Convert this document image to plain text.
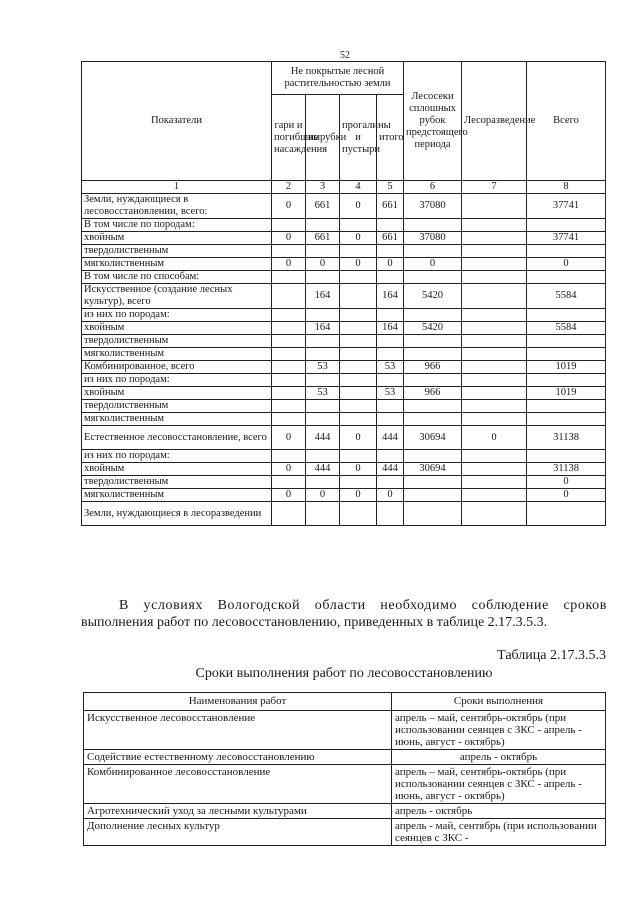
52
Показатели	Не покрытые лесной растительностью земли				Лесосеки сплошных рубок предстоящего периода	Лесоразведение	Всего
	гари и погибшие насаждения	вырубки	прогалины и пустыри	итого			
1	2	3	4	5	6	7	8
Земли, нуждающиеся в лесовосстановлении, всего:	0	661	0	661	37080		37741
В том числе по породам:							
хвойным	0	661	0	661	37080		37741
твердолиственным							
мягколиственным	0	0	0	0	0		0
В том числе по способам:							
Искусственное (создание лесных культур), всего		164		164	5420		5584
из них по породам:							
хвойным		164		164	5420		5584
твердолиственным							
мягколиственным							
Комбинированное, всего		53		53	966		1019
из них по породам:							
хвойным		53		53	966		1019
твердолиственным							
мягколиственным							
Естественное лесовосстановление, всего	0	444	0	444	30694	0	31138
из них по породам:							
хвойным	0	444	0	444	30694		31138
твердолиственным							0
мягколиственным	0	0	0	0			0
Земли, нуждающиеся в лесоразведении							
В условиях Вологодской области необходимо соблюдение сроков
выполнения работ по лесовосстановлению, приведенных в таблице 2.17.3.5.3.
Таблица 2.17.3.5.3
Сроки выполнения работ по лесовосстановлению
Наименования работ	Сроки выполнения
Искусственное лесовосстановление	апрель – май, сентябрь-октябрь (при использовании сеянцев с ЗКС - апрель - июнь, август - октябрь)
Содействие естественному лесовосстановлению	апрель - октябрь
Комбинированное лесовосстановление	апрель – май, сентябрь-октябрь (при использовании сеянцев с ЗКС - апрель - июнь, август - октябрь)
Агротехнический уход за лесными культурами	апрель - октябрь
Дополнение лесных культур	апрель - май, сентябрь (при использовании сеянцев с ЗКС -
